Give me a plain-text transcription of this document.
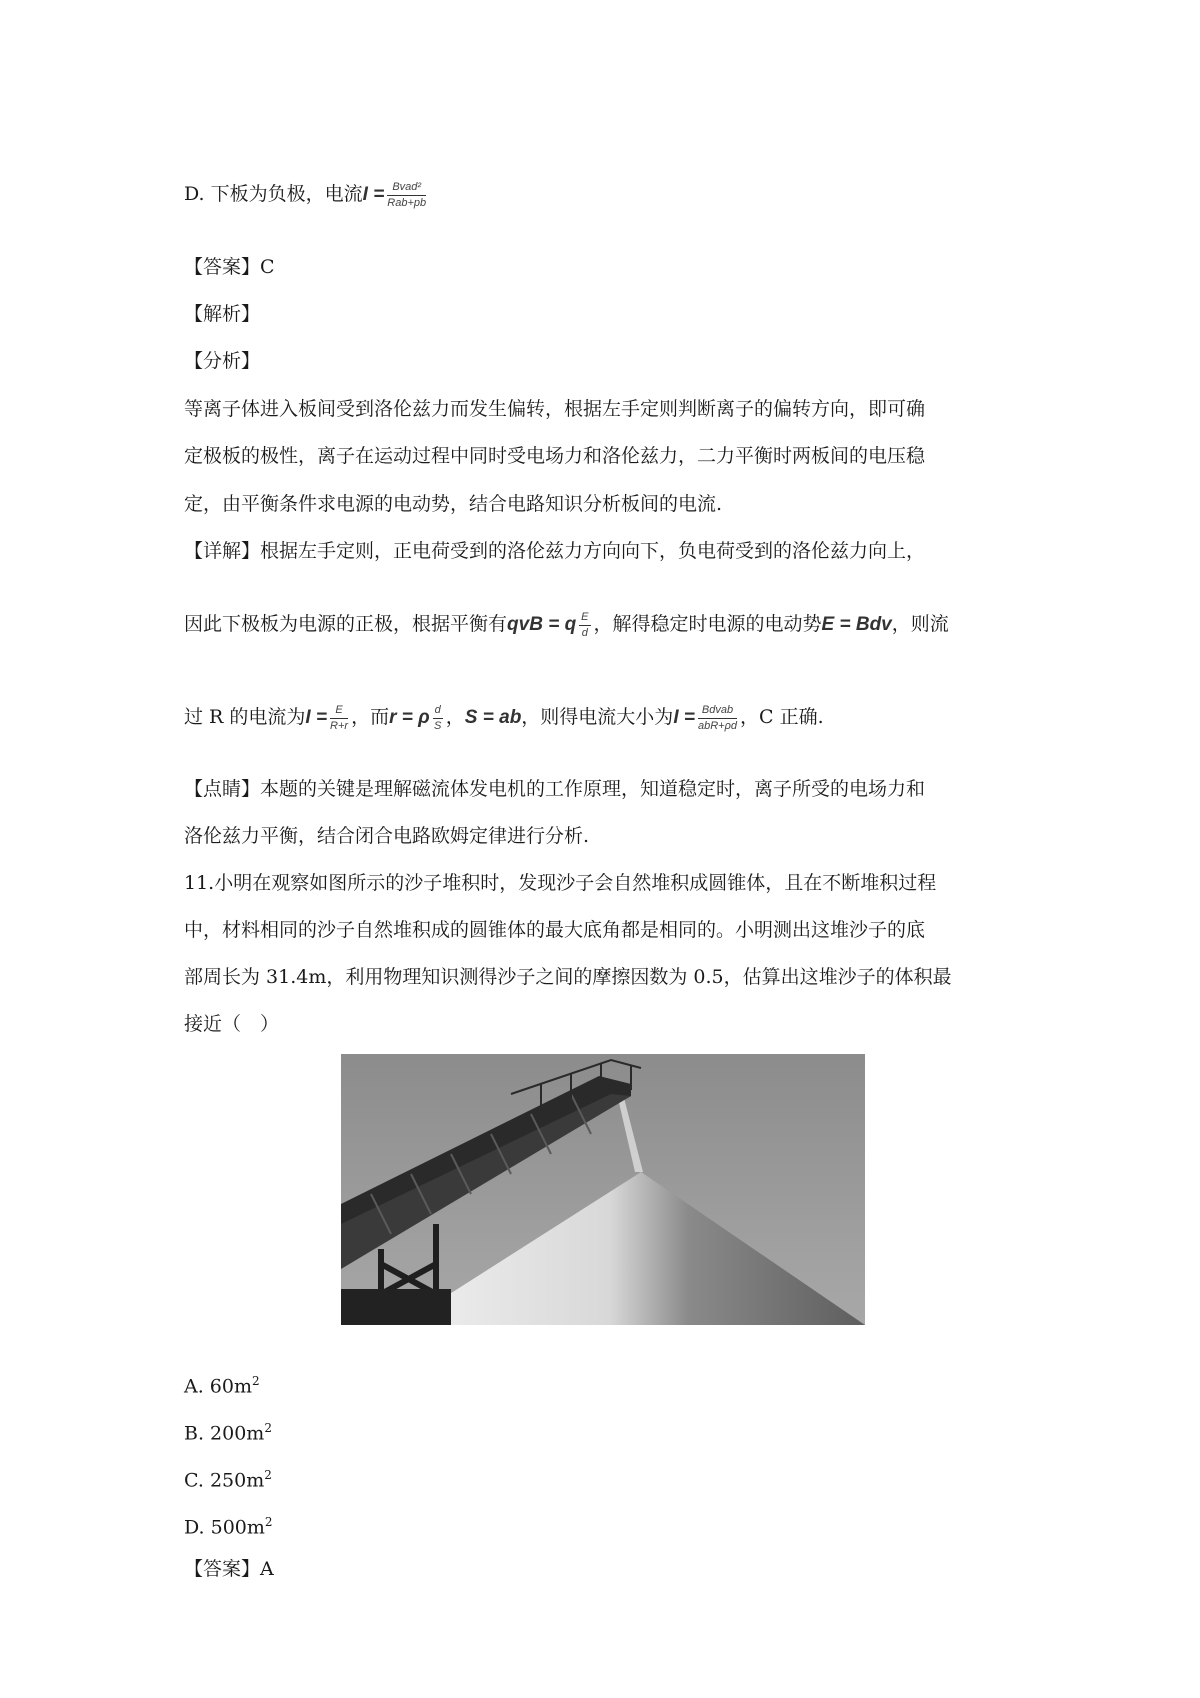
D. 下板为负极，电流$I = \frac{\text{Bvad²}}{\text{Rab+pb}}$
【答案】C
【解析】
【分析】
等离子体进入板间受到洛伦兹力而发生偏转，根据左手定则判断离子的偏转方向，即可确
定极板的极性，离子在运动过程中同时受电场力和洛伦兹力，二力平衡时两板间的电压稳
定，由平衡条件求电源的电动势，结合电路知识分析板间的电流.
【详解】根据左手定则，正电荷受到的洛伦兹力方向向下，负电荷受到的洛伦兹力向上，
因此下极板为电源的正极，根据平衡有qvB = q $\frac{E}{d}$ ，解得稳定时电源的电动势E = Bdv，则流
过 R 的电流为$I = \frac{E}{R+r}$ ，而r = ρ $\frac{d}{S}$ ，S = ab，则得电流大小为$I = \frac{\text{Bdvab}}{\text{abR+ρd}}$ ，C 正确.
【点睛】本题的关键是理解磁流体发电机的工作原理，知道稳定时，离子所受的电场力和
洛伦兹力平衡，结合闭合电路欧姆定律进行分析.
11.小明在观察如图所示的沙子堆积时，发现沙子会自然堆积成圆锥体，且在不断堆积过程
中，材料相同的沙子自然堆积成的圆锥体的最大底角都是相同的。小明测出这堆沙子的底
部周长为 31.4m，利用物理知识测得沙子之间的摩擦因数为 0.5，估算出这堆沙子的体积最
接近（　）
A. $60m^2$
B. $200m^2$
C. $250m^2$
D. $500m^2$
【答案】A
